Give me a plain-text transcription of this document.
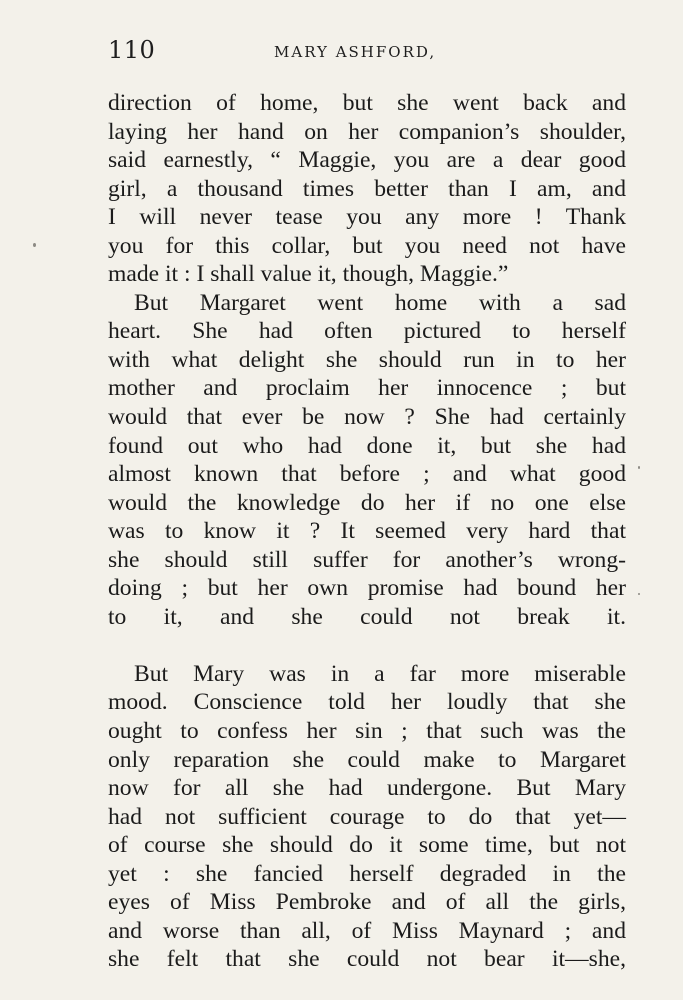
110	MARY ASHFORD,
direction of home, but she went back and
laying her hand on her companion’s shoulder,
said earnestly, “ Maggie, you are a dear good
girl, a thousand times better than I am, and
I will never tease you any more ! Thank
you for this collar, but you need not have
made it : I shall value it, though, Maggie.”
But Margaret went home with a sad
heart. She had often pictured to herself
with what delight she should run in to her
mother and proclaim her innocence ; but
would that ever be now ? She had certainly
found out who had done it, but she had
almost known that before ; and what good
would the knowledge do her if no one else
was to know it ? It seemed very hard that
she should still suffer for another’s wrong-
doing ; but her own promise had bound her
to it, and she could not break it.
But Mary was in a far more miserable
mood. Conscience told her loudly that she
ought to confess her sin ; that such was the
only reparation she could make to Margaret
now for all she had undergone. But Mary
had not sufficient courage to do that yet—
of course she should do it some time, but not
yet : she fancied herself degraded in the
eyes of Miss Pembroke and of all the girls,
and worse than all, of Miss Maynard ; and
she felt that she could not bear it—she,
